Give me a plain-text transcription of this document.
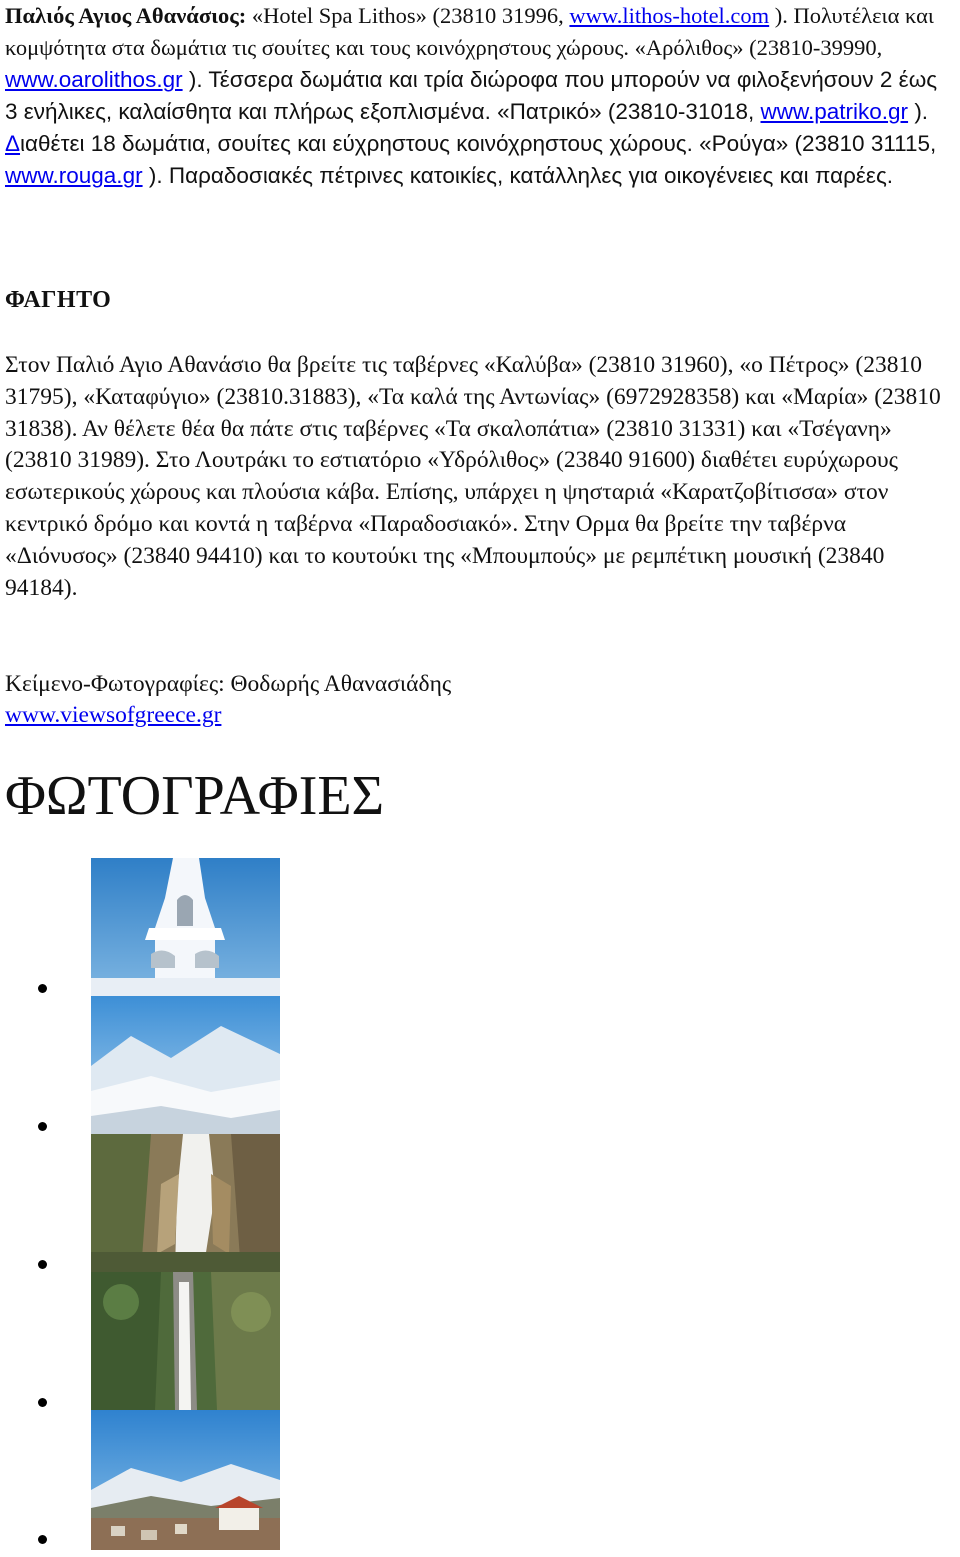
Παλιός Αγιος Αθανάσιος: «Hotel Spa Lithos» (23810 31996, www.lithos-hotel.com ). Πολυτέλεια και κομψότητα στα δωμάτια τις σουίτες και τους κοινόχρηστους χώρους. «Αρόλιθος» (23810-39990, www.oarolithos.gr ). Τέσσερα δωμάτια και τρία διώροφα που μπορούν να φιλοξενήσουν 2 έως 3 ενήλικες, καλαίσθητα και πλήρως εξοπλισμένα. «Πατρικό» (23810-31018, www.patriko.gr ). Διαθέτει 18 δωμάτια, σουίτες και εύχρηστους κοινόχρηστους χώρους. «Ρούγα» (23810 31115, www.rouga.gr ). Παραδοσιακές πέτρινες κατοικίες, κατάλληλες για οικογένειες και παρέες.

ΦΑΓΗΤΟ

Στον Παλιό Αγιο Αθανάσιο θα βρείτε τις ταβέρνες «Καλύβα» (23810 31960), «ο Πέτρος» (23810 31795), «Καταφύγιο» (23810.31883), «Τα καλά της Αντωνίας» (6972928358) και «Μαρία» (23810 31838). Αν θέλετε θέα θα πάτε στις ταβέρνες «Τα σκαλοπάτια» (23810 31331) και «Τσέγανη» (23810 31989). Στο Λουτράκι το εστιατόριο «Υδρόλιθος» (23840 91600) διαθέτει ευρύχωρους εσωτερικούς χώρους και πλούσια κάβα. Επίσης, υπάρχει η ψησταριά «Καρατζοβίτισσα» στον κεντρικό δρόμο και κοντά η ταβέρνα «Παραδοσιακό». Στην Ορμα θα βρείτε την ταβέρνα «Διόνυσος» (23840 94410) και το κουτούκι της «Μπουμπούς» με ρεμπέτικη μουσική (23840 94184).

Κείμενο-Φωτογραφίες: Θοδωρής Αθανασιάδης
www.viewsofgreece.gr
ΦΩΤΟΓΡΑΦΙΕΣ
